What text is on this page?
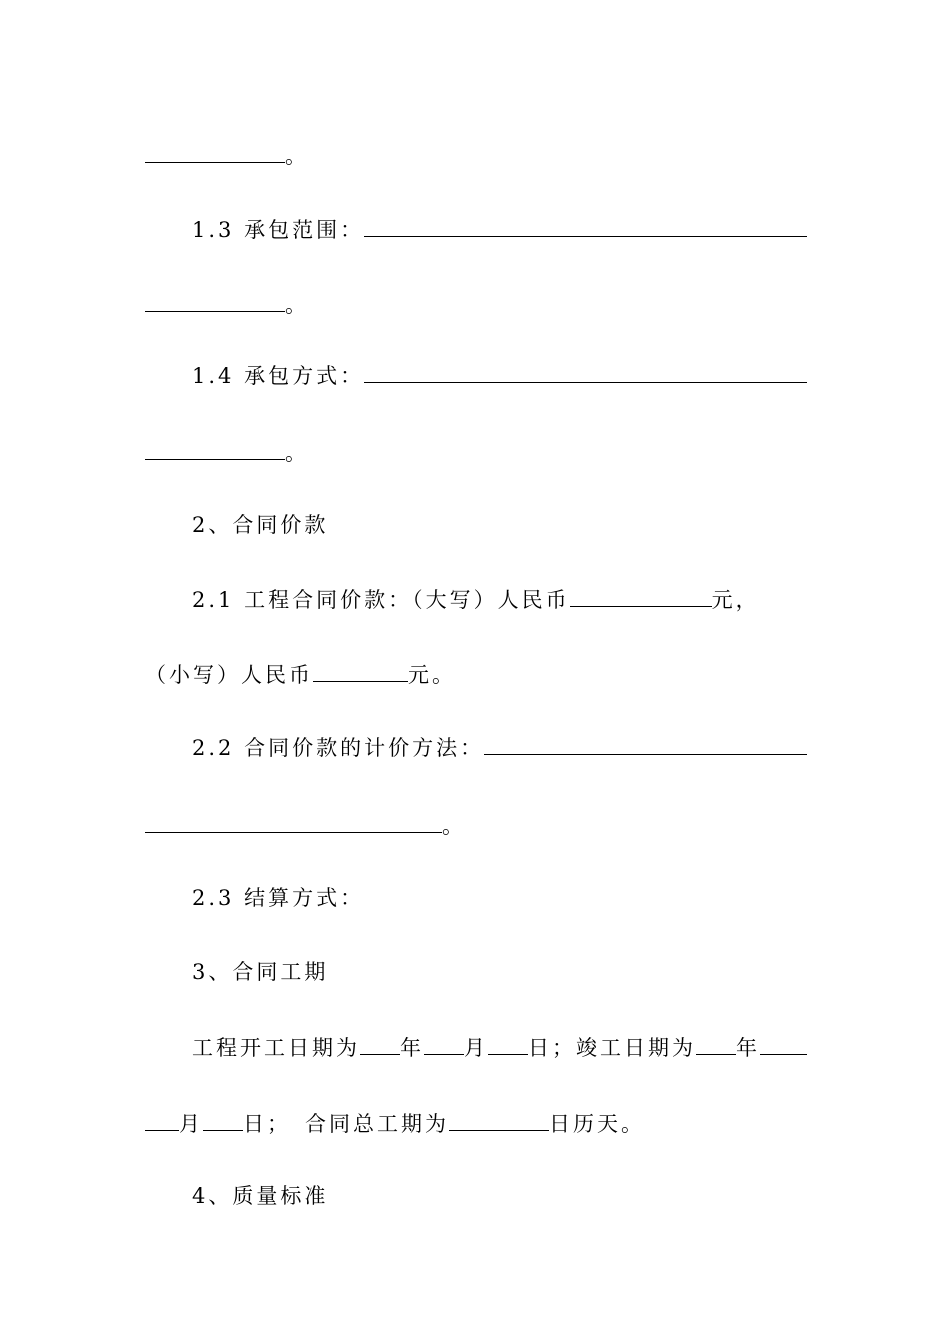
。
1.3 承包范围：
。
1.4 承包方式：
。
2、合同价款
2.1 工程合同价款：（大写）人民币	元，
（小写）人民币	元。
2.2 合同价款的计价方法：
。
2.3 结算方式：
3、合同工期
工程开工日期为 年 月 日； 竣工日期为 年
月 日； 合同总工期为	日历天。
4、质量标准
